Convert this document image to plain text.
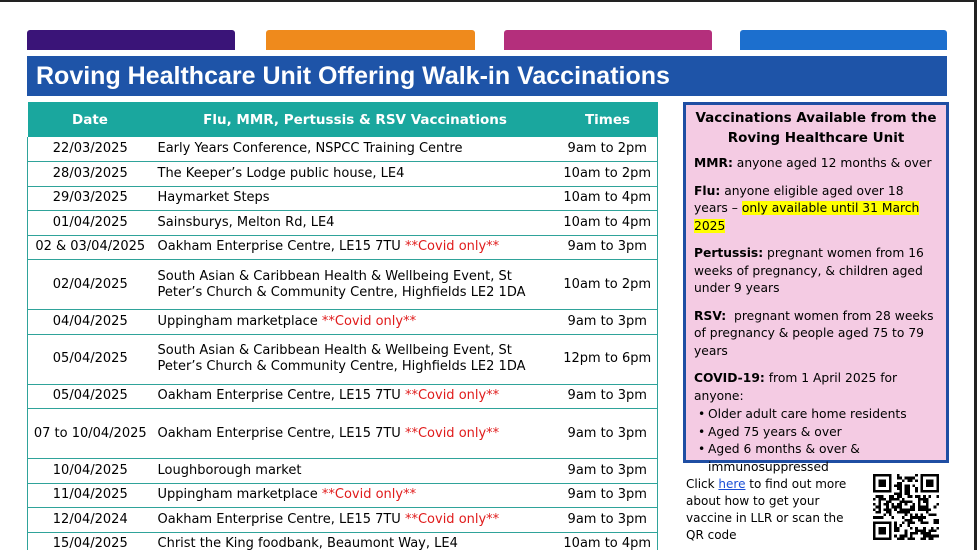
Roving Healthcare Unit Offering Walk-in Vaccinations
Date	Flu, MMR, Pertussis & RSV Vaccinations	Times
22/03/2025	Early Years Conference, NSPCC Training Centre	9am to 2pm
28/03/2025	The Keeper’s Lodge public house, LE4	10am to 2pm
29/03/2025	Haymarket Steps	10am to 4pm
01/04/2025	Sainsburys, Melton Rd, LE4	10am to 4pm
02 & 03/04/2025	Oakham Enterprise Centre, LE15 7TU **Covid only**	9am to 3pm
02/04/2025	South Asian & Caribbean Health & Wellbeing Event, St Peter’s Church & Community Centre, Highfields LE2 1DA	10am to 2pm
04/04/2025	Uppingham marketplace **Covid only**	9am to 3pm
05/04/2025	South Asian & Caribbean Health & Wellbeing Event, St Peter’s Church & Community Centre, Highfields LE2 1DA	12pm to 6pm
05/04/2025	Oakham Enterprise Centre, LE15 7TU **Covid only**	9am to 3pm
07 to 10/04/2025	Oakham Enterprise Centre, LE15 7TU **Covid only**	9am to 3pm
10/04/2025	Loughborough market	9am to 3pm
11/04/2025	Uppingham marketplace **Covid only**	9am to 3pm
12/04/2024	Oakham Enterprise Centre, LE15 7TU **Covid only**	9am to 3pm
15/04/2025	Christ the King foodbank, Beaumont Way, LE4	10am to 4pm
Vaccinations Available from the Roving Healthcare Unit
MMR: anyone aged 12 months & over
Flu: anyone eligible aged over 18 years – only available until 31 March 2025
Pertussis: pregnant women from 16 weeks of pregnancy, & children aged under 9 years
RSV:  pregnant women from 28 weeks of pregnancy & people aged 75 to 79 years
COVID-19: from 1 April 2025 for anyone:
• Older adult care home residents
• Aged 75 years & over
• Aged 6 months & over & immunosuppressed
Click here to find out more about how to get your vaccine in LLR or scan the QR code
